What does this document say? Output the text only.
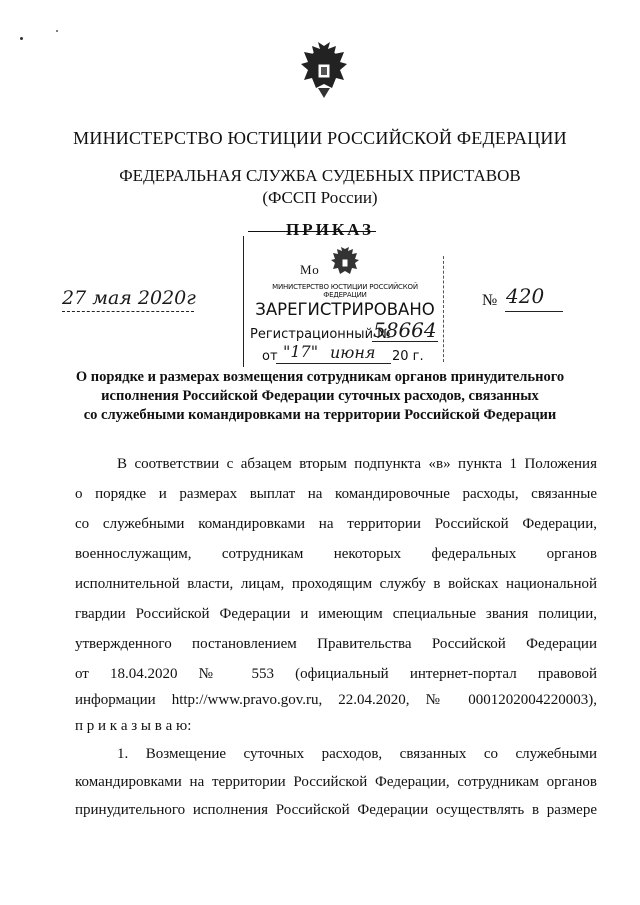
МИНИСТЕРСТВО ЮСТИЦИИ РОССИЙСКОЙ ФЕДЕРАЦИИ
ФЕДЕРАЛЬНАЯ СЛУЖБА СУДЕБНЫХ ПРИСТАВОВ
(ФССП России)
ПРИКАЗ
Мо
МИНИСТЕРСТВО ЮСТИЦИИ РОССИЙСКОЙ ФЕДЕРАЦИИ
ЗАРЕГИСТРИРОВАНО
Регистрационный №
58664
от "17" июня 20 г.
27 мая 2020г	№ 420
О порядке и размерах возмещения сотрудникам органов принудительного
исполнения Российской Федерации суточных расходов, связанных
со служебными командировками на территории Российской Федерации
В соответствии с абзацем вторым подпункта «в» пункта 1 Положения
о порядке и размерах выплат на командировочные расходы, связанные
со служебными командировками на территории Российской Федерации,
военнослужащим, сотрудникам некоторых федеральных органов
исполнительной власти, лицам, проходящим службу в войсках национальной
гвардии Российской Федерации и имеющим специальные звания полиции,
утвержденного постановлением Правительства Российской Федерации
от 18.04.2020 № 553 (официальный интернет-портал правовой
информации http://www.pravo.gov.ru, 22.04.2020, № 0001202004220003),
п р и к а з ы в а ю:
1. Возмещение суточных расходов, связанных со служебными
командировками на территории Российской Федерации, сотрудникам органов
принудительного исполнения Российской Федерации осуществлять в размере
